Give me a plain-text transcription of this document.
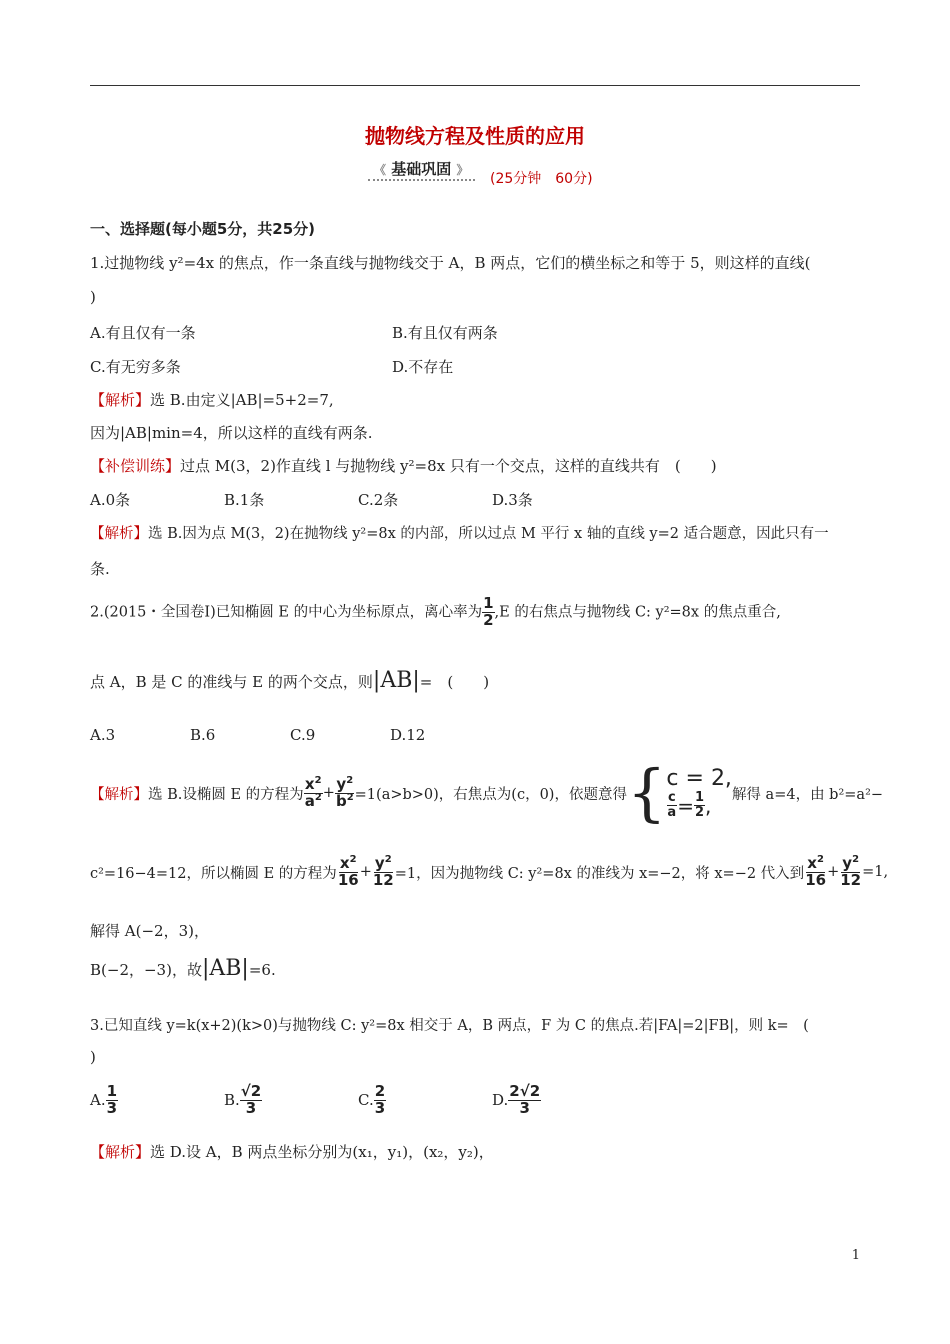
抛物线方程及性质的应用
《 基础巩固 》
(25分钟　60分)
一、选择题(每小题5分，共25分)
1.过抛物线 y²=4x 的焦点，作一条直线与抛物线交于 A，B 两点，它们的横坐标之和等于 5，则这样的直线(
)
A.有且仅有一条	B.有且仅有两条
C.有无穷多条	D.不存在
【解析】选 B.由定义|AB|=5+2=7,
因为|AB|min=4，所以这样的直线有两条.
【补偿训练】过点 M(3，2)作直线 l 与抛物线 y²=8x 只有一个交点，这样的直线共有　(　　)
A.0条	B.1条	C.2条	D.3条
【解析】选 B.因为点 M(3，2)在抛物线 y²=8x 的内部，所以过点 M 平行 x 轴的直线 y=2 适合题意，因此只有一
条.
2.(2015・全国卷Ⅰ)已知椭圆 E 的中心为坐标原点，离心率为 $\frac{1}{2} ,E$ 的右焦点与抛物线 C: y²=8x 的焦点重合,
点 A，B 是 C 的准线与 E 的两个交点，则|AB|=　(　　)
A.3	B.6	C.9	D.12
【解析】 选 B.设椭圆 E 的方程为 $\frac{x^2}{a^2} + \frac{y^2}{b^2} =1(a>b>0)$，右焦点为(c，0)，依题意得 { c = 2,
$\frac{c}{a} = \frac{1}{2}$ , 解得 a=4，由 b²=a²−
c²=16−4=12，所以椭圆 E 的方程为 $\frac{x^2}{16} + \frac{y^2}{12} =1$，因为抛物线 C: y²=8x 的准线为 x=−2，将 x=−2 代入到 $\frac{x^2}{16} + \frac{y^2}{12} =1$,
解得 A(−2，3)，
B(−2，−3)，故|AB|=6.
3.已知直线 y=k(x+2)(k>0)与抛物线 C: y²=8x 相交于 A，B 两点，F 为 C 的焦点.若|FA|=2|FB|，则 k=　(
)
A. $\frac{1}{3}$	B. $\frac{√2}{3}$	C. $\frac{2}{3}$	D. $\frac{2√2}{3}$
【解析】选 D.设 A，B 两点坐标分别为(x₁，y₁)，(x₂，y₂)，
1
